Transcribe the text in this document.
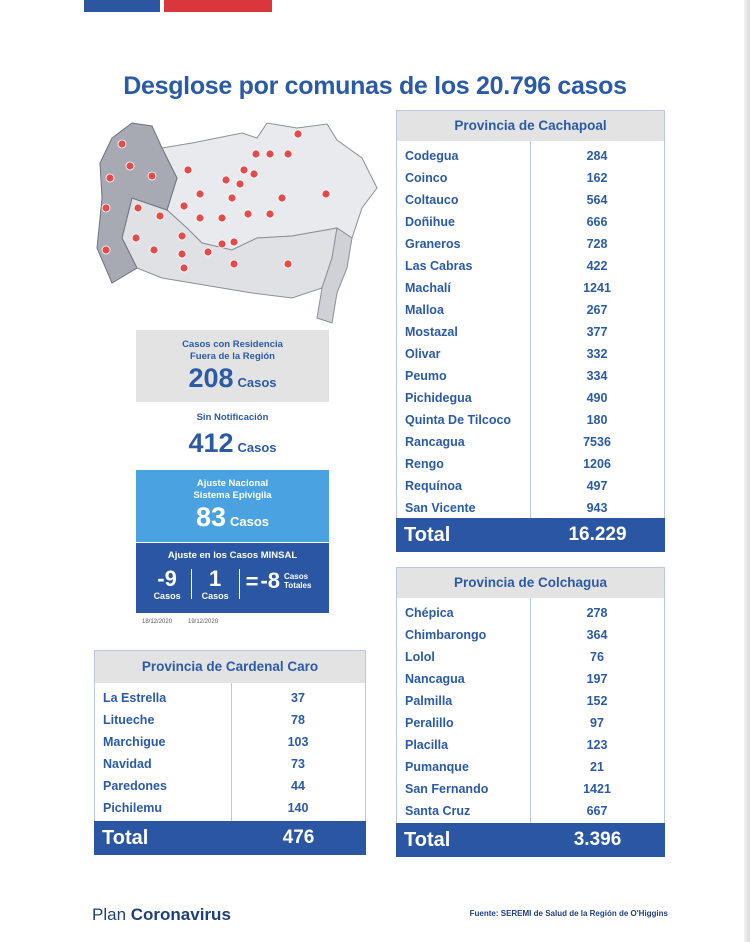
Desglose por comunas de los 20.796 casos
Casos con Residencia
Fuera de la Región
208 Casos
Sin Notificación
412 Casos
Ajuste Nacional
Sistema Epivigila
83 Casos
Ajuste en los Casos MINSAL
-9
Casos
1
Casos
= -8 Casos
Totales
18/12/2020	19/12/2020
Provincia de Cachapoal
Codegua	284
Coinco	162
Coltauco	564
Doñihue	666
Graneros	728
Las Cabras	422
Machalí	1241
Malloa	267
Mostazal	377
Olivar	332
Peumo	334
Pichidegua	490
Quinta De Tilcoco	180
Rancagua	7536
Rengo	1206
Requínoa	497
San Vicente	943
Total	16.229
Provincia de Colchagua
Chépica	278
Chimbarongo	364
Lolol	76
Nancagua	197
Palmilla	152
Peralillo	97
Placilla	123
Pumanque	21
San Fernando	1421
Santa Cruz	667
Total	3.396
Provincia de Cardenal Caro
La Estrella	37
Litueche	78
Marchigue	103
Navidad	73
Paredones	44
Pichilemu	140
Total	476
Plan Coronavirus	Fuente: SEREMI de Salud de la Región de O'Higgins
